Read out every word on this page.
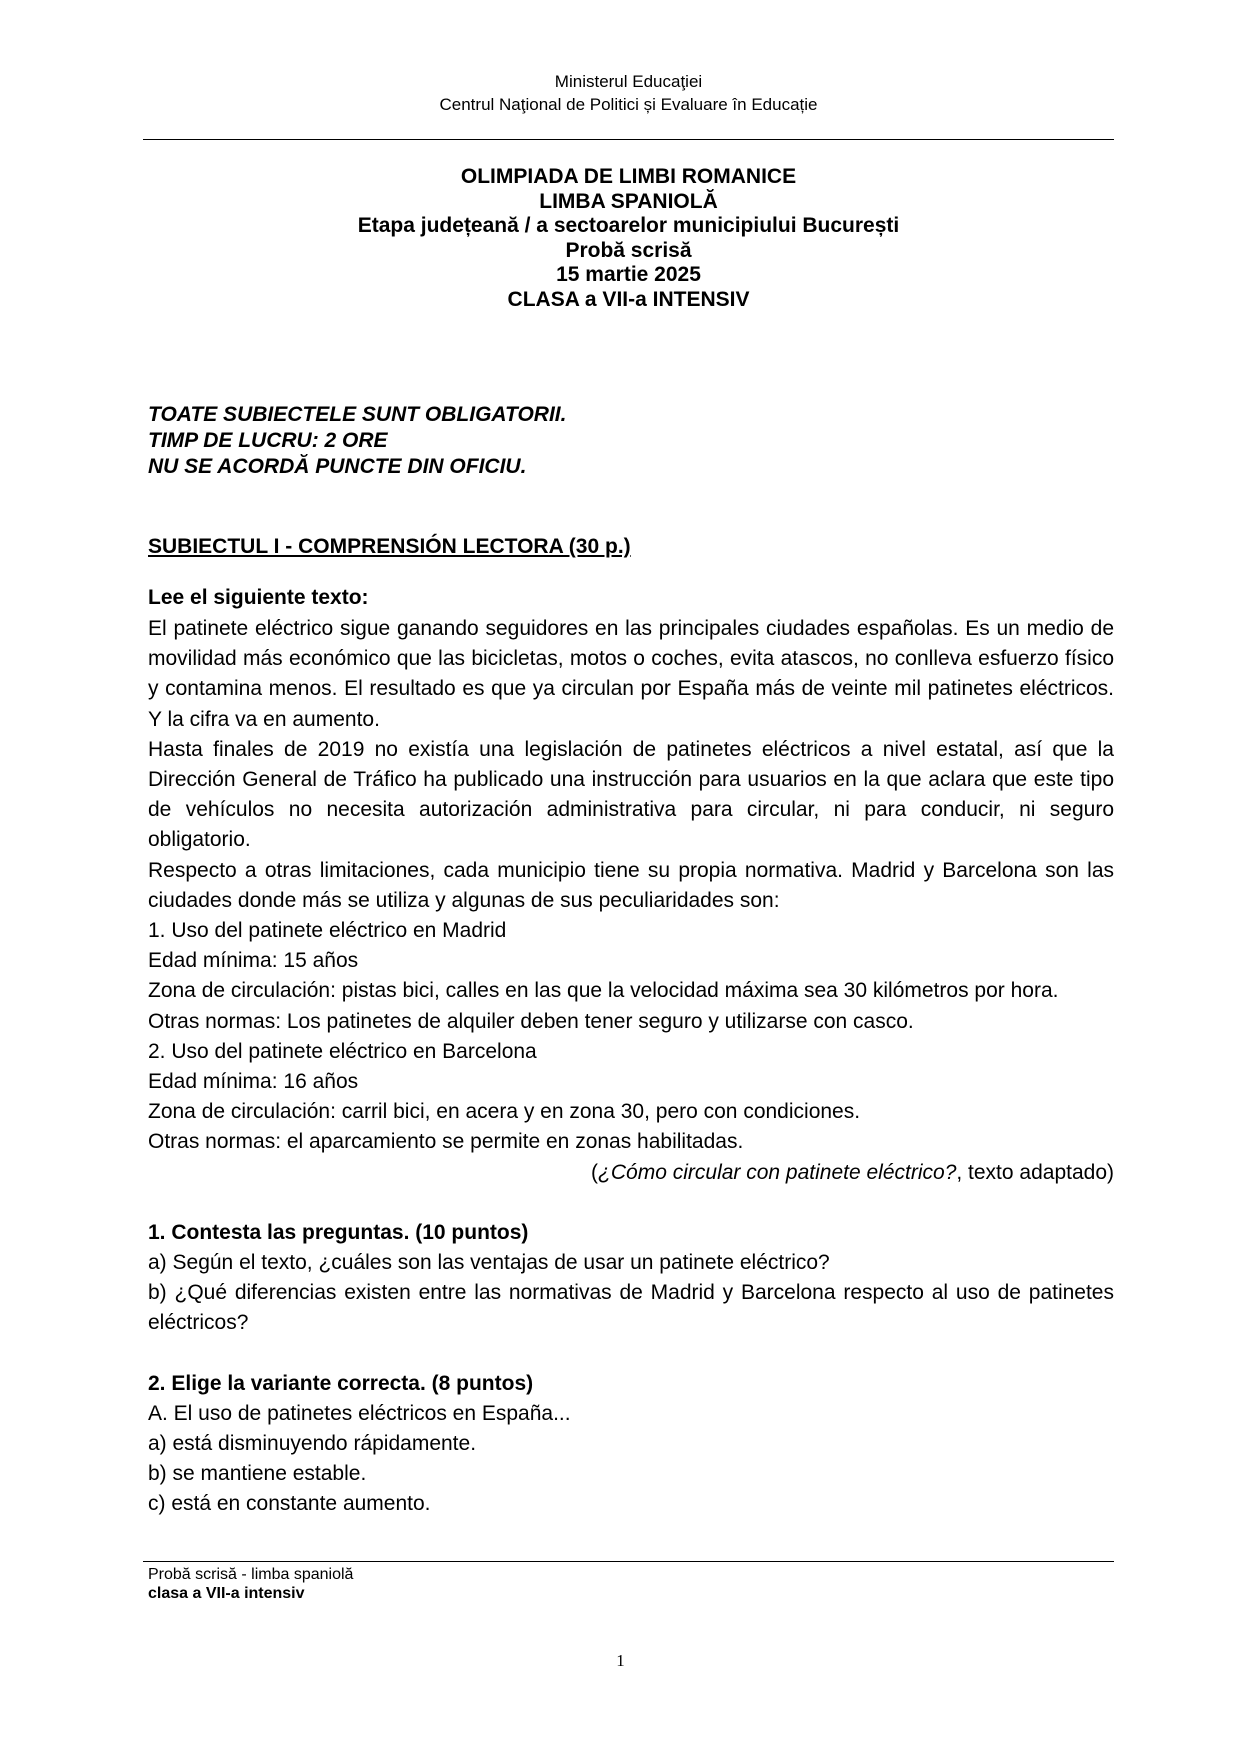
Ministerul Educaţiei
Centrul Naţional de Politici și Evaluare în Educație
OLIMPIADA DE LIMBI ROMANICE
LIMBA SPANIOLĂ
Etapa județeană / a sectoarelor municipiului București
Probă scrisă
15 martie 2025
CLASA a VII-a INTENSIV
TOATE SUBIECTELE SUNT OBLIGATORII.
TIMP DE LUCRU: 2 ORE
NU SE ACORDĂ PUNCTE DIN OFICIU.
SUBIECTUL I - COMPRENSIÓN LECTORA (30 p.)
Lee el siguiente texto:
El patinete eléctrico sigue ganando seguidores en las principales ciudades españolas. Es un medio de movilidad más económico que las bicicletas, motos o coches, evita atascos, no conlleva esfuerzo físico y contamina menos. El resultado es que ya circulan por España más de veinte mil patinetes eléctricos. Y la cifra va en aumento.
Hasta finales de 2019 no existía una legislación de patinetes eléctricos a nivel estatal, así que la Dirección General de Tráfico ha publicado una instrucción para usuarios en la que aclara que este tipo de vehículos no necesita autorización administrativa para circular, ni para conducir, ni seguro obligatorio.
Respecto a otras limitaciones, cada municipio tiene su propia normativa. Madrid y Barcelona son las ciudades donde más se utiliza y algunas de sus peculiaridades son:
1. Uso del patinete eléctrico en Madrid
Edad mínima: 15 años
Zona de circulación: pistas bici, calles en las que la velocidad máxima sea 30 kilómetros por hora.
Otras normas: Los patinetes de alquiler deben tener seguro y utilizarse con casco.
2. Uso del patinete eléctrico en Barcelona
Edad mínima: 16 años
Zona de circulación: carril bici, en acera y en zona 30, pero con condiciones.
Otras normas: el aparcamiento se permite en zonas habilitadas.
(¿Cómo circular con patinete eléctrico?, texto adaptado)
1. Contesta las preguntas. (10 puntos)
a) Según el texto, ¿cuáles son las ventajas de usar un patinete eléctrico?
b) ¿Qué diferencias existen entre las normativas de Madrid y Barcelona respecto al uso de patinetes eléctricos?
2. Elige la variante correcta. (8 puntos)
A. El uso de patinetes eléctricos en España...
a) está disminuyendo rápidamente.
b) se mantiene estable.
c) está en constante aumento.
Probă scrisă - limba spaniolă
clasa a VII-a intensiv
1
